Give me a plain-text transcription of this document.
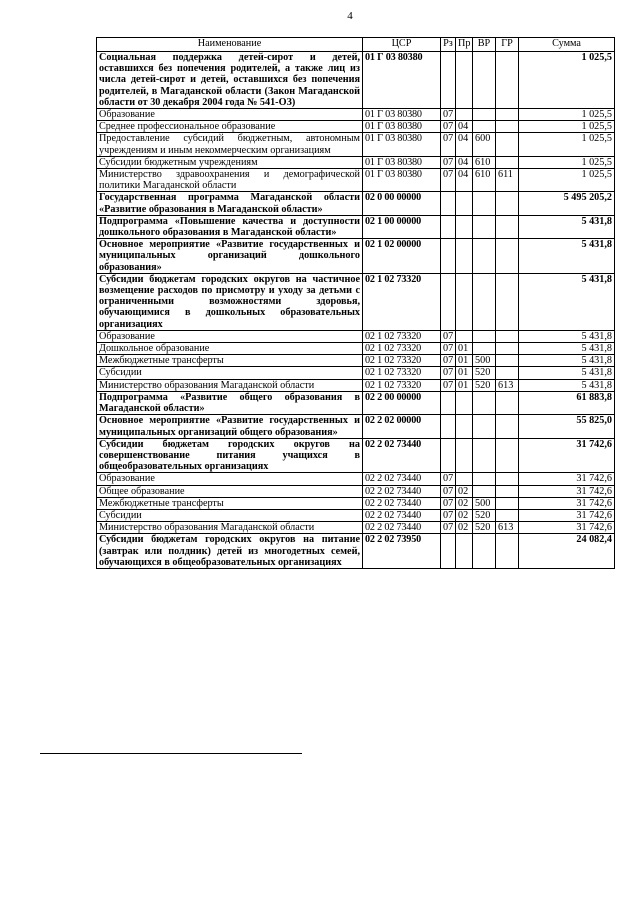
4
Наименование	ЦСР	Рз	Пр	ВР	ГР	Сумма
Социальная поддержка детей-сирот и детей, оставшихся без попечения родителей, а также лиц из числа детей-сирот и детей, оставшихся без попечения родителей, в Магаданской области (Закон Магаданской области от 30 декабря 2004 года № 541-ОЗ)	01 Г 03 80380					1 025,5
Образование	01 Г 03 80380	07				1 025,5
Среднее профессиональное образование	01 Г 03 80380	07	04			1 025,5
Предоставление субсидий бюджетным, автономным учреждениям и иным некоммерческим организациям	01 Г 03 80380	07	04	600		1 025,5
Субсидии бюджетным учреждениям	01 Г 03 80380	07	04	610		1 025,5
Министерство здравоохранения и демографической политики Магаданской области	01 Г 03 80380	07	04	610	611	1 025,5
Государственная программа Магаданской области «Развитие образования в Магаданской области»	02 0 00 00000					5 495 205,2
Подпрограмма «Повышение качества и доступности дошкольного образования в Магаданской области»	02 1 00 00000					5 431,8
Основное мероприятие «Развитие государственных и муниципальных организаций дошкольного образования»	02 1 02 00000					5 431,8
Субсидии бюджетам городских округов на частичное возмещение расходов по присмотру и уходу за детьми с ограниченными возможностями здоровья, обучающимися в дошкольных образовательных организациях	02 1 02 73320					5 431,8
Образование	02 1 02 73320	07				5 431,8
Дошкольное образование	02 1 02 73320	07	01			5 431,8
Межбюджетные трансферты	02 1 02 73320	07	01	500		5 431,8
Субсидии	02 1 02 73320	07	01	520		5 431,8
Министерство образования Магаданской области	02 1 02 73320	07	01	520	613	5 431,8
Подпрограмма «Развитие общего образования в Магаданской области»	02 2 00 00000					61 883,8
Основное мероприятие «Развитие государственных и муниципальных организаций общего образования»	02 2 02 00000					55 825,0
Субсидии бюджетам городских округов на совершенствование питания учащихся в общеобразовательных организациях	02 2 02 73440					31 742,6
Образование	02 2 02 73440	07				31 742,6
Общее образование	02 2 02 73440	07	02			31 742,6
Межбюджетные трансферты	02 2 02 73440	07	02	500		31 742,6
Субсидии	02 2 02 73440	07	02	520		31 742,6
Министерство образования Магаданской области	02 2 02 73440	07	02	520	613	31 742,6
Субсидии бюджетам городских округов на питание (завтрак или полдник) детей из многодетных семей, обучающихся в общеобразовательных организациях	02 2 02 73950					24 082,4
